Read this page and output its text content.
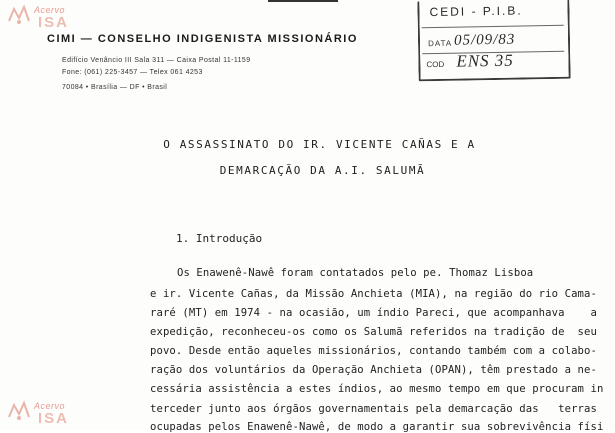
Acervo
ISA
Acervo
ISA
CIMI — CONSELHO INDIGENISTA MISSIONÁRIO
Edifício Venâncio III Sala 311 — Caixa Postal 11-1159
Fone: (061) 225-3457 — Telex 061 4253
70084 • Brasília — DF • Brasil
CEDI - P.I.B.
DATA 05/09/83
COD ENS 35
O ASSASSINATO DO IR. VICENTE CAÑAS E A
DEMARCAÇÃO DA A.I. SALUMÃ
1. Introdução
Os Enawenê-Nawê foram contatados pelo pe. Thomaz Lisboa
e ir. Vicente Cañas, da Missão Anchieta (MIA), na região do rio Cama-
raré (MT) em 1974 - na ocasião, um índio Pareci, que acompanhava    a
expedição, reconheceu-os como os Salumã referidos na tradição de  seu
povo. Desde então aqueles missionários, contando também com a colabo-
ração dos voluntários da Operação Anchieta (OPAN), têm prestado a ne-
cessária assistência a estes índios, ao mesmo tempo em que procuram in
terceder junto aos órgãos governamentais pela demarcação das   terras
ocupadas pelos Enawenê-Nawê, de modo a garantir sua sobrevivência físi
